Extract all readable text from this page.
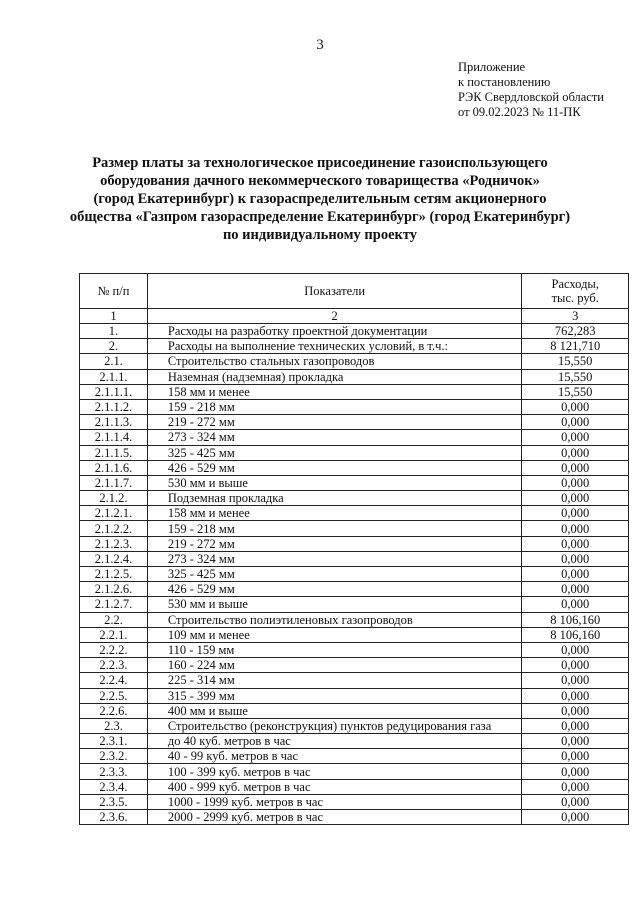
3
Приложение
к постановлению
РЭК Свердловской области
от 09.02.2023 № 11-ПК
Размер платы за технологическое присоединение газоиспользующего
оборудования дачного некоммерческого товарищества «Родничок»
(город Екатеринбург) к газораспределительным сетям акционерного
общества «Газпром газораспределение Екатеринбург» (город Екатеринбург)
по индивидуальному проекту
№ п/п	Показатели	Расходы,
тыс. руб.
1	2	3
1.	Расходы на разработку проектной документации	762,283
2.	Расходы на выполнение технических условий, в т.ч.:	8 121,710
2.1.	Строительство стальных газопроводов	15,550
2.1.1.	Наземная (надземная) прокладка	15,550
2.1.1.1.	158 мм и менее	15,550
2.1.1.2.	159 - 218 мм	0,000
2.1.1.3.	219 - 272 мм	0,000
2.1.1.4.	273 - 324 мм	0,000
2.1.1.5.	325 - 425 мм	0,000
2.1.1.6.	426 - 529 мм	0,000
2.1.1.7.	530 мм и выше	0,000
2.1.2.	Подземная прокладка	0,000
2.1.2.1.	158 мм и менее	0,000
2.1.2.2.	159 - 218 мм	0,000
2.1.2.3.	219 - 272 мм	0,000
2.1.2.4.	273 - 324 мм	0,000
2.1.2.5.	325 - 425 мм	0,000
2.1.2.6.	426 - 529 мм	0,000
2.1.2.7.	530 мм и выше	0,000
2.2.	Строительство полиэтиленовых газопроводов	8 106,160
2.2.1.	109 мм и менее	8 106,160
2.2.2.	110 - 159 мм	0,000
2.2.3.	160 - 224 мм	0,000
2.2.4.	225 - 314 мм	0,000
2.2.5.	315 - 399 мм	0,000
2.2.6.	400 мм и выше	0,000
2.3.	Строительство (реконструкция) пунктов редуцирования газа	0,000
2.3.1.	до 40 куб. метров в час	0,000
2.3.2.	40 - 99 куб. метров в час	0,000
2.3.3.	100 - 399 куб. метров в час	0,000
2.3.4.	400 - 999 куб. метров в час	0,000
2.3.5.	1000 - 1999 куб. метров в час	0,000
2.3.6.	2000 - 2999 куб. метров в час	0,000
